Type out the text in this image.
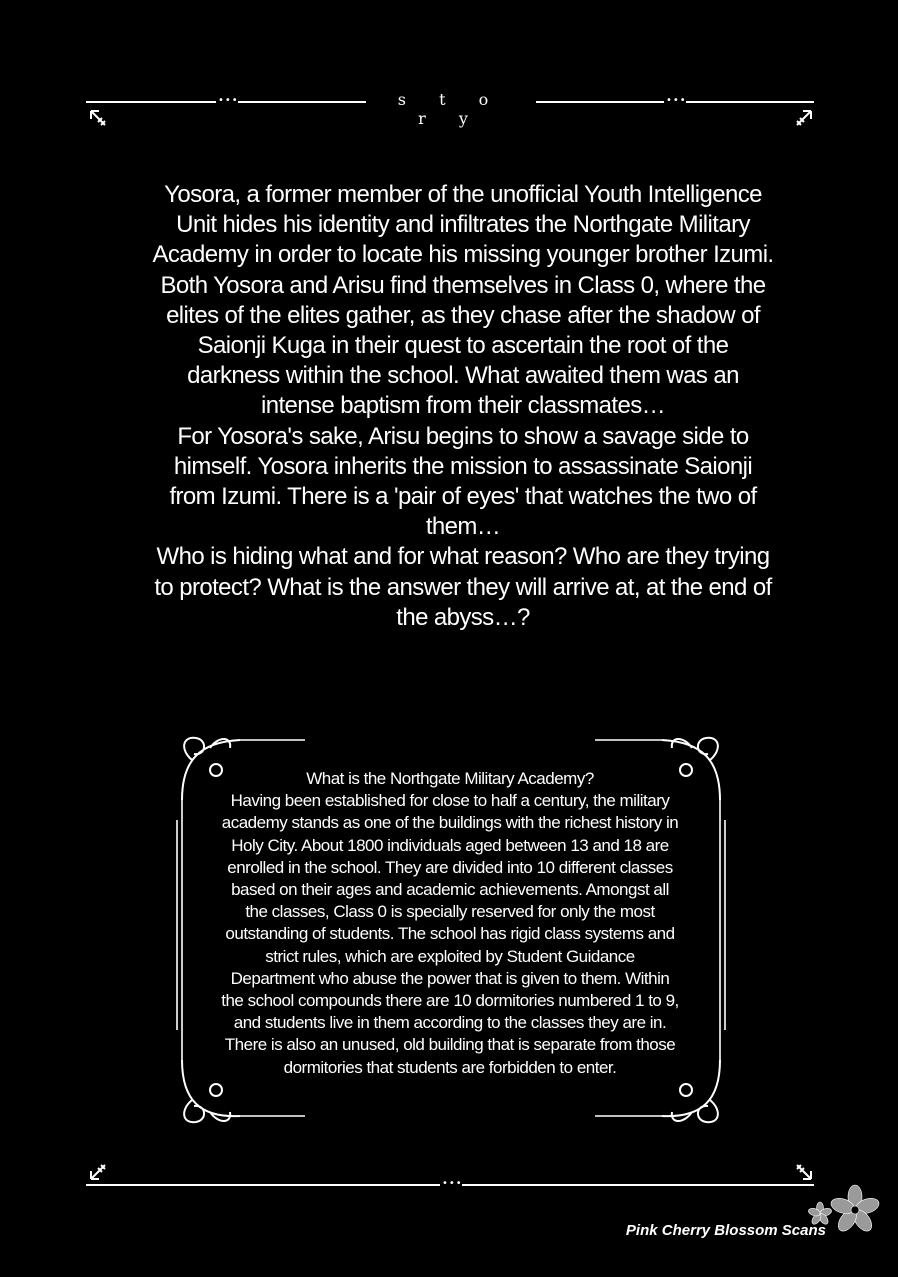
•••	s t o r y
•••

Yosora, a former member of the unofficial Youth Intelligence Unit hides his identity and infiltrates the Northgate Military Academy in order to locate his missing younger brother Izumi. Both Yosora and Arisu find themselves in Class 0, where the elites of the elites gather, as they chase after the shadow of Saionji Kuga in their quest to ascertain the root of the darkness within the school. What awaited them was an intense baptism from their classmates…

For Yosora's sake, Arisu begins to show a savage side to himself. Yosora inherits the mission to assassinate Saionji from Izumi. There is a 'pair of eyes' that watches the two of them…

Who is hiding what and for what reason? Who are they trying to protect? What is the answer they will arrive at, at the end of the abyss…?

What is the Northgate Military Academy?
Having been established for close to half a century, the military
academy stands as one of the buildings with the richest history in
Holy City. About 1800 individuals aged between 13 and 18 are
enrolled in the school. They are divided into 10 different classes
based on their ages and academic achievements. Amongst all
the classes, Class 0 is specially reserved for only the most
outstanding of students. The school has rigid class systems and
strict rules, which are exploited by Student Guidance
Department who abuse the power that is given to them. Within
the school compounds there are 10 dormitories numbered 1 to 9,
and students live in them according to the classes they are in.
There is also an unused, old building that is separate from those
dormitories that students are forbidden to enter.
•••
Pink Cherry Blossom Scans
